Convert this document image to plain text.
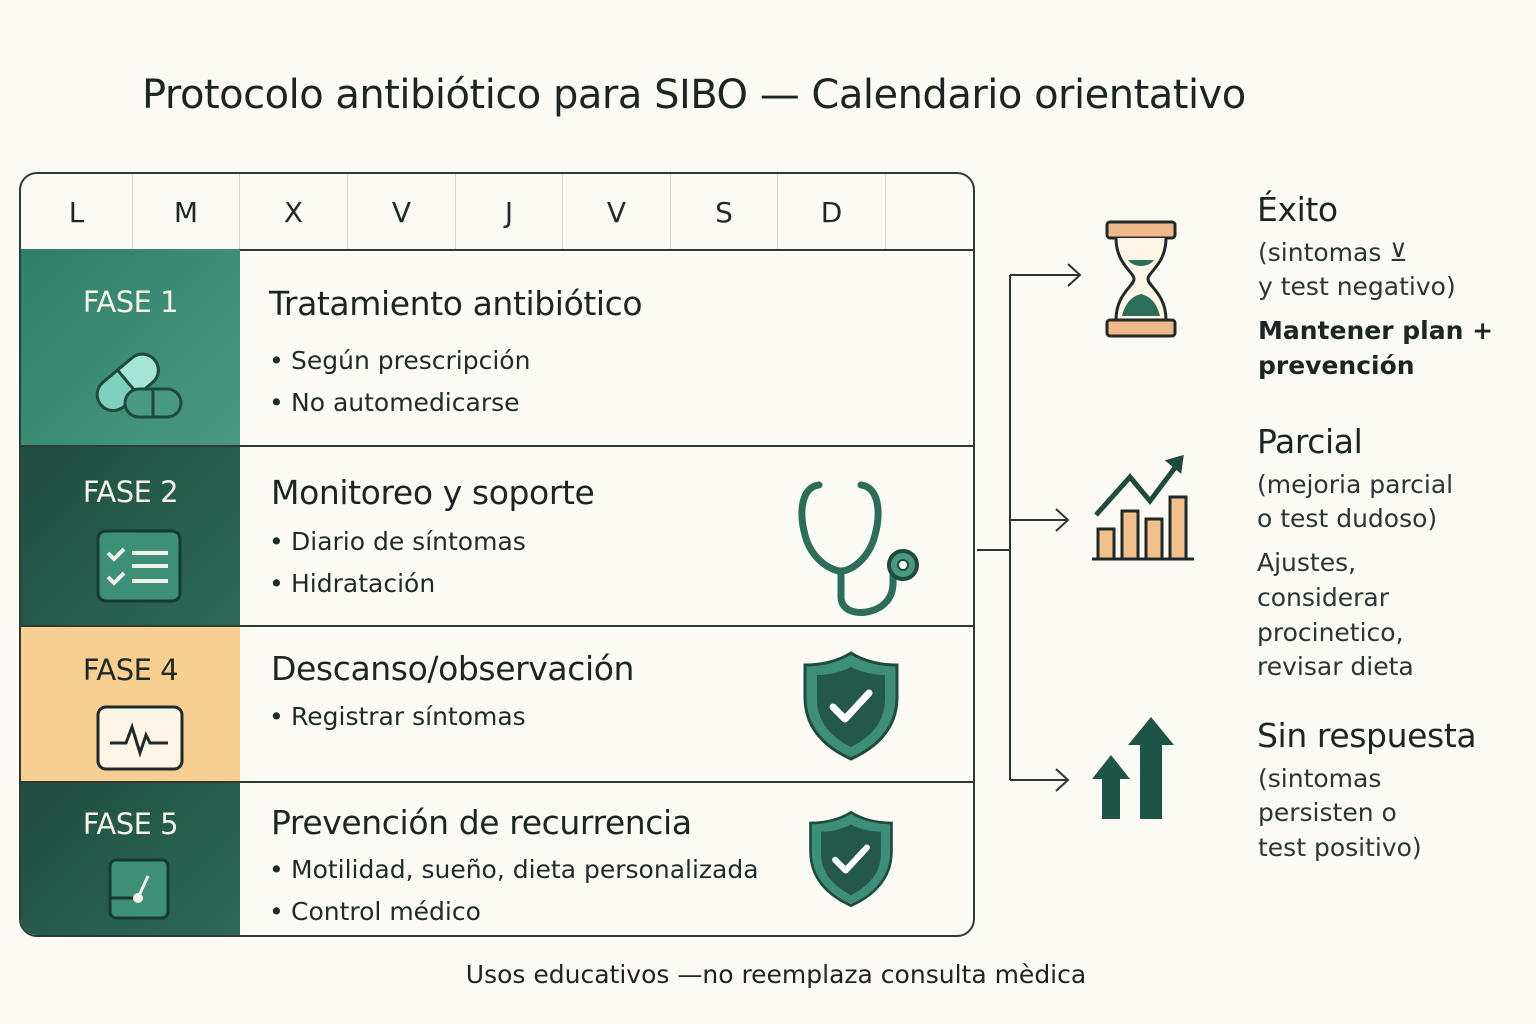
Protocolo antibiótico para SIBO — Calendario orientativo
L	M	X	V	J	V	S	D
FASE 1	Tratamiento antibiótico
• Según prescripción
• No automedicarse
FASE 2	Monitoreo y soporte
• Diario de síntomas
• Hidratación
FASE 4	Descanso/observación
• Registrar síntomas
FASE 5	Prevención de recurrencia
• Motilidad, sueño, dieta personalizada
• Control médico
Éxito
(sintomas ⊻
y test negativo)
Mantener plan +
prevención
Parcial
(mejoria parcial
o test dudoso)
Ajustes,
considerar
procinetico,
revisar dieta
Sin respuesta
(sintomas
persisten o
test positivo)
Usos educativos —no reemplaza consulta mèdica
